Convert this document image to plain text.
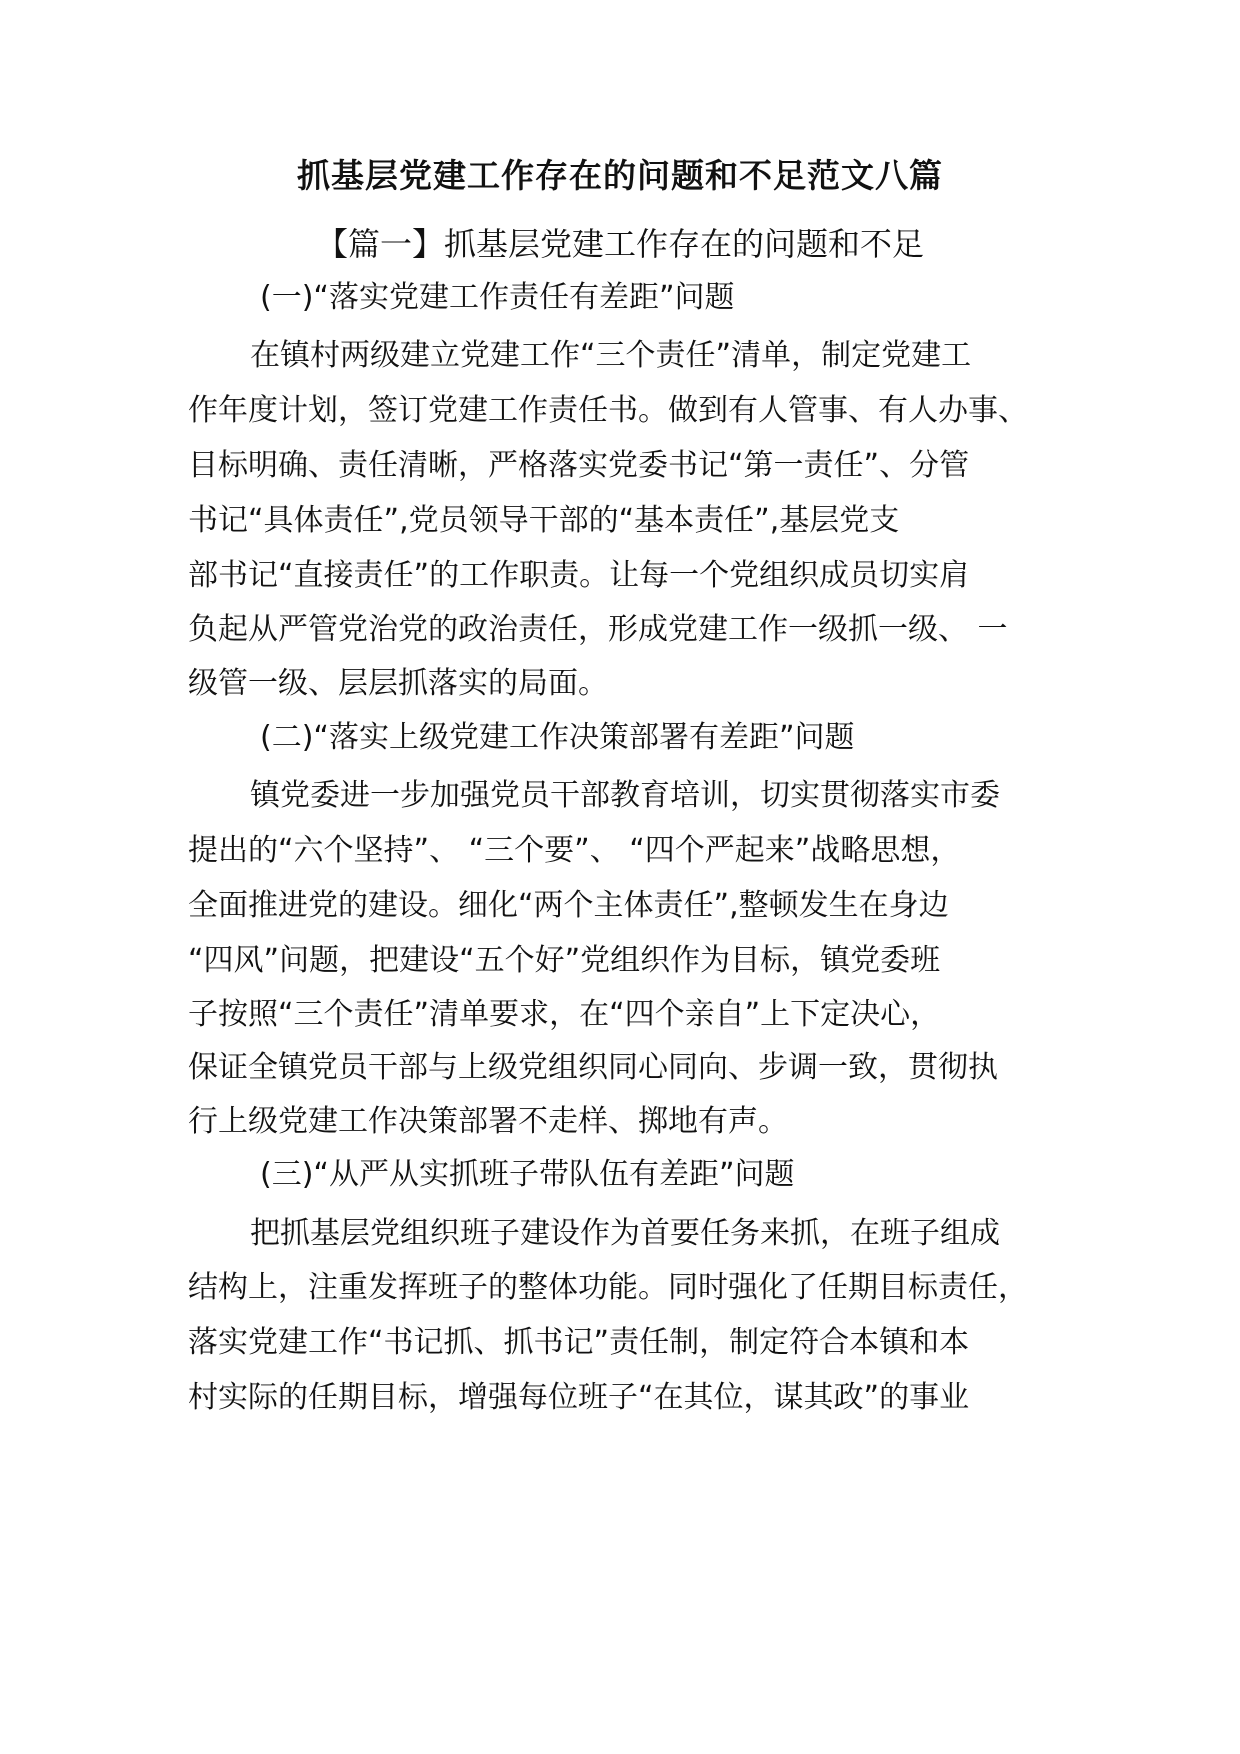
抓基层党建工作存在的问题和不足范文八篇
【篇一】抓基层党建工作存在的问题和不足

(一)“落实党建工作责任有差距”问题

在镇村两级建立党建工作“三个责任”清单，制定党建工

作年度计划，签订党建工作责任书。做到有人管事、有人办事、

目标明确、责任清晰，严格落实党委书记“第一责任”、分管

书记“具体责任”,党员领导干部的“基本责任”,基层党支

部书记“直接责任”的工作职责。让每一个党组织成员切实肩

负起从严管党治党的政治责任，形成党建工作一级抓一级、 一

级管一级、层层抓落实的局面。

(二)“落实上级党建工作决策部署有差距”问题

镇党委进一步加强党员干部教育培训，切实贯彻落实市委

提出的“六个坚持”、 “三个要”、 “四个严起来”战略思想，

全面推进党的建设。细化“两个主体责任”,整顿发生在身边

“四风”问题，把建设“五个好”党组织作为目标，镇党委班

子按照“三个责任”清单要求，在“四个亲自”上下定决心，

保证全镇党员干部与上级党组织同心同向、步调一致，贯彻执

行上级党建工作决策部署不走样、掷地有声。

(三)“从严从实抓班子带队伍有差距”问题

把抓基层党组织班子建设作为首要任务来抓，在班子组成

结构上，注重发挥班子的整体功能。同时强化了任期目标责任，

落实党建工作“书记抓、抓书记”责任制，制定符合本镇和本

村实际的任期目标，增强每位班子“在其位，谋其政”的事业
